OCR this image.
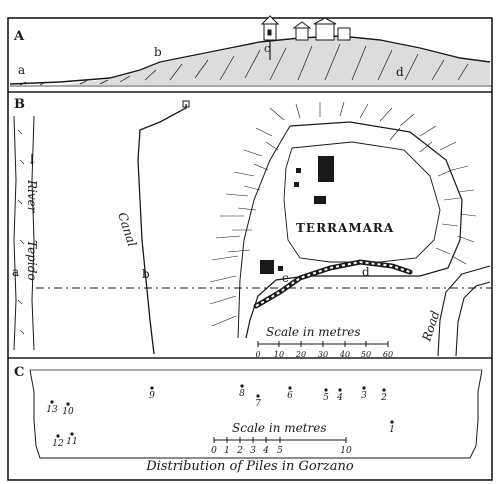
A
a
b	c
d
B
↓
River
Tepido
a
Canal
b
TERRAMARA
c	d
Road
Scale in metres
0 10 20 30 40 50 60
C
9	8
7
6	5 4 3 2
13 10
12 11
1
Scale in metres
0 1 2 3 4 5	10
Distribution of Piles in Gorzano
